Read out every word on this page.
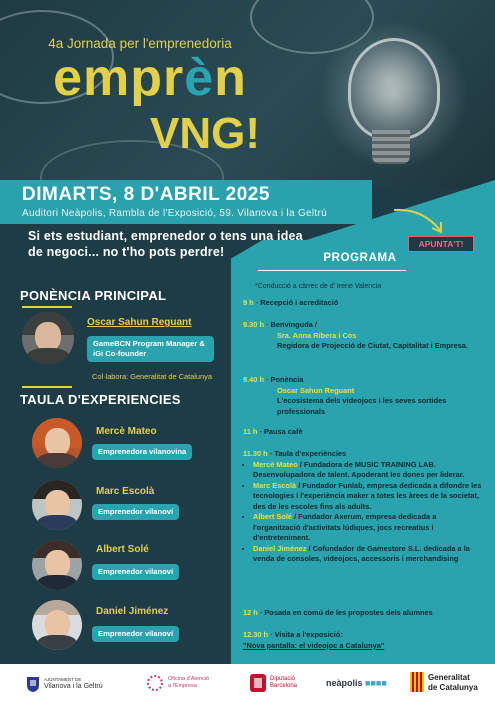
4a Jornada per l'emprenedoria
emprèn
VNG!
DIMARTS, 8 D'ABRIL 2025
Auditori Neàpolis, Rambla de l'Exposició, 59. Vilanova i la Geltrú
Si ets estudiant, emprenedor o tens una idea de negoci... no t'ho pots perdre!
APUNTA'T!
PROGRAMA
*Conducció a càrrec de d' Irene Valencia
9 h - Recepció i acreditació
9.30 h - Benvinguda /

Sra. Anna Ribera i Cos
Regidora de Projecció de Ciutat, Capitalitat i Empresa.
9.40 h - Ponència

Oscar Sahun Reguant
L'ecosistema dels videojocs i les seves sortides professionals
11 h - Pausa cafè
11.30 h - Taula d'experiències
• Mercè Mateo / Fundadora de MUSIC TRAINING LAB. Desenvolupadora de talent. Apoderant les dones per liderar.
• Marc Escolà / Fundador Funlab, empresa dedicada a difondre les tecnologies i l'experiència maker a totes les àrees de la societat, des de les escoles fins als adults.
• Albert Solé / Fundador Axerum, empresa dedicada a l'organització d'activitats lúdiques, jocs recreatius i d'entreteniment.
• Daniel Jiménez / Cofundador de Gamestore S.L. dedicada a la venda de consoles, videojocs, accessoris i merchandising
12 h - Posada en comú de les propostes dels alumnes
12.30 h - Visita a l'exposició:
"Nova pantalla: el videojoc a Catalunya"
PONÈNCIA PRINCIPAL
Oscar Sahun Reguant
GameBCN Program Manager & iGi Co-founder
Col·labora: Generalitat de Catalunya
TAULA D'EXPERIENCIES
Mercè Mateo
Emprenedora vilanovina
Marc Escolà
Emprenedor vilanoví
Albert Solé
Emprenedor vilanoví
Daniel Jiménez
Emprenedor vilanoví
AJUNTAMENT DE
Vilanova i la Geltrú
Oficina d'Atenció
a l'Empresa
Diputació
Barcelona	neàpolis ■■■■
Generalitat
de Catalunya
